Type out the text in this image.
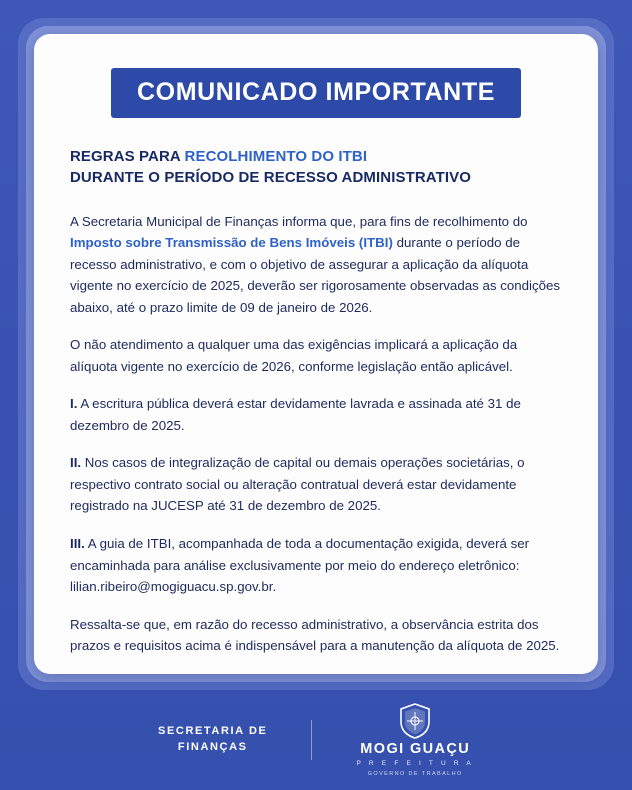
COMUNICADO IMPORTANTE
REGRAS PARA RECOLHIMENTO DO ITBI
DURANTE O PERÍODO DE RECESSO ADMINISTRATIVO

A Secretaria Municipal de Finanças informa que, para fins de recolhimento do Imposto sobre Transmissão de Bens Imóveis (ITBI) durante o período de recesso administrativo, e com o objetivo de assegurar a aplicação da alíquota vigente no exercício de 2025, deverão ser rigorosamente observadas as condições abaixo, até o prazo limite de 09 de janeiro de 2026.

O não atendimento a qualquer uma das exigências implicará a aplicação da alíquota vigente no exercício de 2026, conforme legislação então aplicável.

I. A escritura pública deverá estar devidamente lavrada e assinada até 31 de dezembro de 2025.

II. Nos casos de integralização de capital ou demais operações societárias, o respectivo contrato social ou alteração contratual deverá estar devidamente registrado na JUCESP até 31 de dezembro de 2025.

III. A guia de ITBI, acompanhada de toda a documentação exigida, deverá ser encaminhada para análise exclusivamente por meio do endereço eletrônico: lilian.ribeiro@mogiguacu.sp.gov.br.

Ressalta-se que, em razão do recesso administrativo, a observância estrita dos prazos e requisitos acima é indispensável para a manutenção da alíquota de 2025.

SECRETARIA DE
FINANÇAS	MOGI GUAÇU
P R E F E I T U R A
GOVERNO DE TRABALHO
